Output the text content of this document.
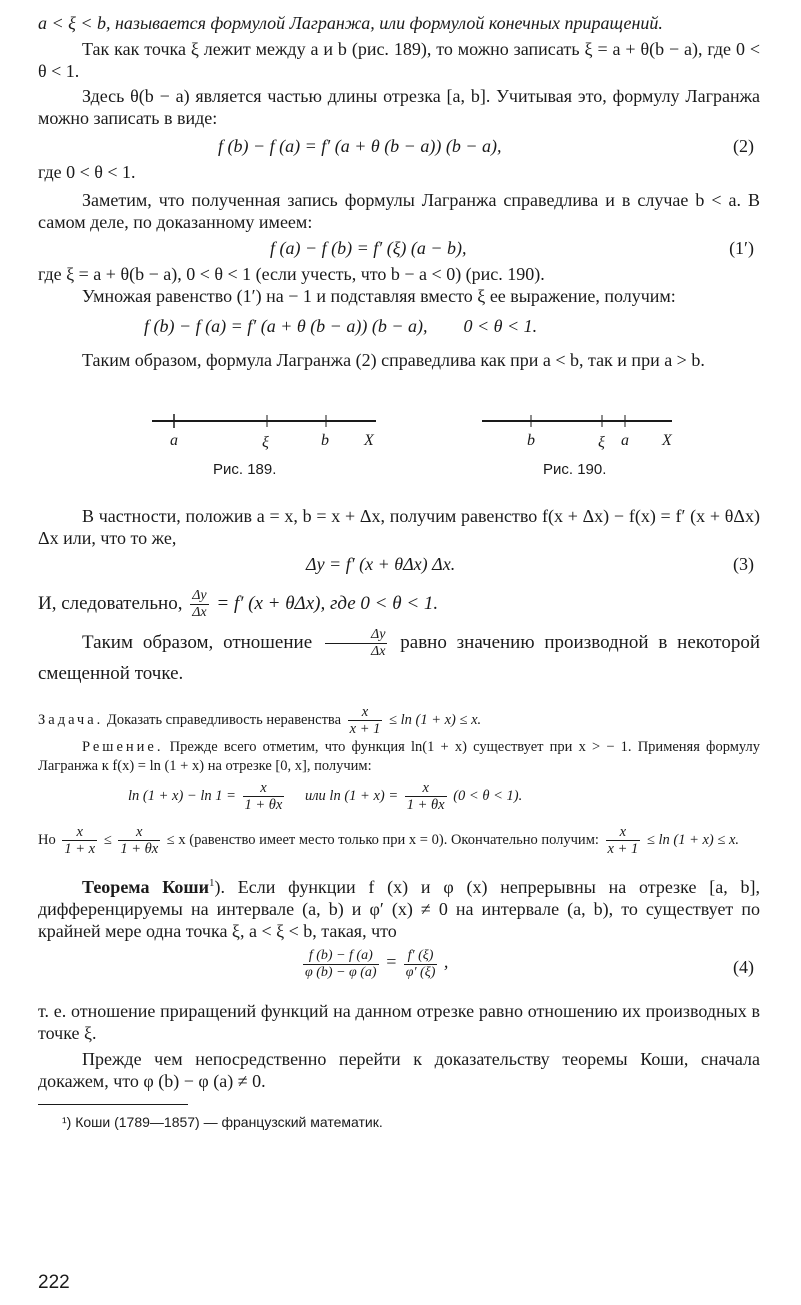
a < ξ < b, называется формулой Лагранжа, или формулой конечных приращений.

Так как точка ξ лежит между a и b (рис. 189), то можно записать ξ = a + θ(b − a), где 0 < θ < 1.

Здесь θ(b − a) является частью длины отрезка [a, b]. Учитывая это, формулу Лагранжа можно записать в виде:

f (b) − f (a) = f′ (a + θ (b − a)) (b − a),	(2)

где 0 < θ < 1.

Заметим, что полученная запись формулы Лагранжа справедлива и в случае b < a. В самом деле, по доказанному имеем:

f (a) − f (b) = f′ (ξ) (a − b),	(1′)

где ξ = a + θ(b − a), 0 < θ < 1 (если учесть, что b − a < 0) (рис. 190).

Умножая равенство (1′) на − 1 и подставляя вместо ξ ее выражение, получим:

f (b) − f (a) = f′ (a + θ (b − a)) (b − a),        0 < θ < 1.

Таким образом, формула Лагранжа (2) справедлива как при a < b, так и при a > b.

a	ξ	b X	b	ξ a X
Рис. 189.	Рис. 190.

В частности, положив a = x, b = x + Δx, получим равенство f(x + Δx) − f(x) = f′ (x + θΔx) Δx или, что то же,

Δy = f′ (x + θΔx) Δx.	(3)

И, следовательно, $\frac{\Delta y}{\Delta x} = f'$ (x + θΔx), где 0 < θ < 1.

Таким образом, отношение $\frac{\Delta y}{\Delta x}$ равно значению производной в некоторой смещенной точке.

Задача. Доказать справедливость неравенства $\frac{x}{x + 1} \le \ln (1 + x) \le x$.

Решение. Прежде всего отметим, что функция ln(1 + x) существует при x > − 1. Применяя формулу Лагранжа к f(x) = ln (1 + x) на отрезке [0, x], получим:

$\ln (1 + x) - \ln 1 = \frac{x}{1 + \theta x}$ или $\ln (1 + x) = \frac{x}{1 + \theta x} (0 < \theta < 1)$.

Но $\frac{x}{1 + x} \le \frac{x}{1 + \theta x} \le x$ (равенство имеет место только при x = 0). Окончательно получим: $\frac{x}{x + 1} \le \ln (1 + x) \le x$.

Теорема Коши$^1$). Если функции f (x) и φ (x) непрерывны на отрезке [a, b], дифференцируемы на интервале (a, b) и φ′ (x) ≠ 0 на интервале (a, b), то существует по крайней мере одна точка ξ, a < ξ < b, такая, что

$\frac{f (b) - f (a)}{\varphi (b) - \varphi (a)} = \frac{f' (\xi)}{\varphi' (\xi)}$ ,	(4)

т. е. отношение приращений функций на данном отрезке равно отношению их производных в точке ξ.

Прежде чем непосредственно перейти к доказательству теоремы Коши, сначала докажем, что φ (b) − φ (a) ≠ 0.

¹) Коши (1789—1857) — французский математик.

222
